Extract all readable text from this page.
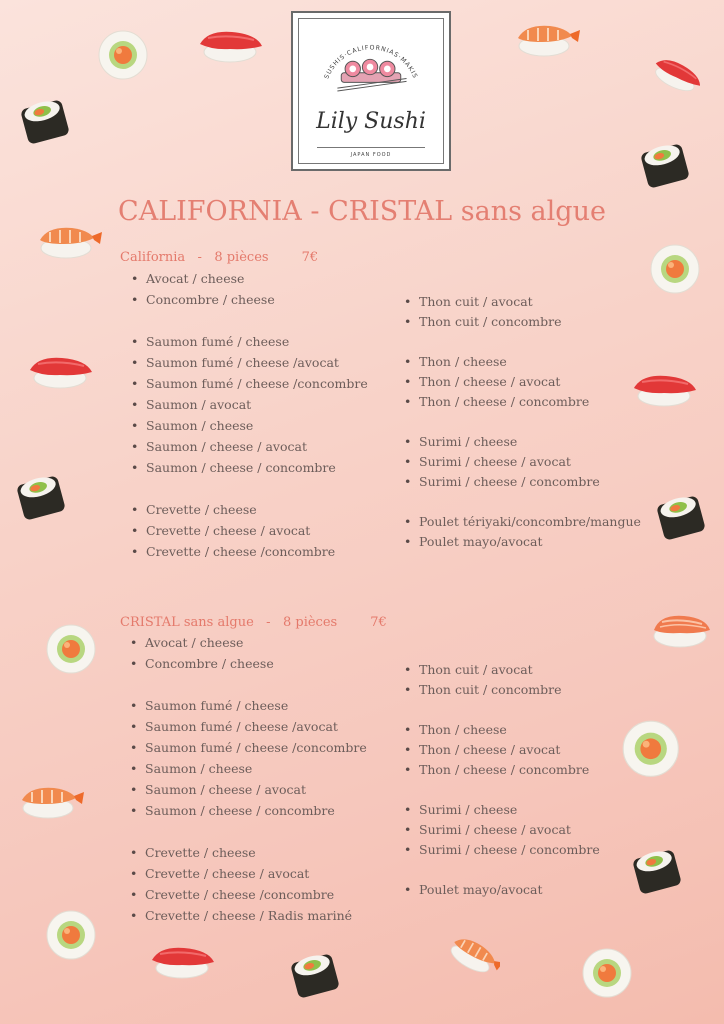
SUSHIS·CALIFORNIAS·MAKIS
Lily Sushi
JAPAN FOOD
CALIFORNIA - CRISTAL sans algue
California   -   8 pièces        7€
• Avocat / cheese
• Concombre / cheese
• Saumon fumé / cheese
• Saumon fumé / cheese /avocat
• Saumon fumé / cheese /concombre
• Saumon / avocat
• Saumon / cheese
• Saumon / cheese / avocat
• Saumon / cheese / concombre
• Crevette / cheese
• Crevette / cheese / avocat
• Crevette / cheese /concombre
• Thon cuit / avocat
• Thon cuit / concombre
• Thon / cheese
• Thon / cheese / avocat
• Thon / cheese / concombre
• Surimi / cheese
• Surimi / cheese / avocat
• Surimi / cheese / concombre
• Poulet tériyaki/concombre/mangue
• Poulet mayo/avocat
CRISTAL sans algue   -   8 pièces        7€
• Avocat / cheese
• Concombre / cheese
• Saumon fumé / cheese
• Saumon fumé / cheese /avocat
• Saumon fumé / cheese /concombre
• Saumon / cheese
• Saumon / cheese / avocat
• Saumon / cheese / concombre
• Crevette / cheese
• Crevette / cheese / avocat
• Crevette / cheese /concombre
• Crevette / cheese / Radis mariné
• Thon cuit / avocat
• Thon cuit / concombre
• Thon / cheese
• Thon / cheese / avocat
• Thon / cheese / concombre
• Surimi / cheese
• Surimi / cheese / avocat
• Surimi / cheese / concombre
• Poulet mayo/avocat
